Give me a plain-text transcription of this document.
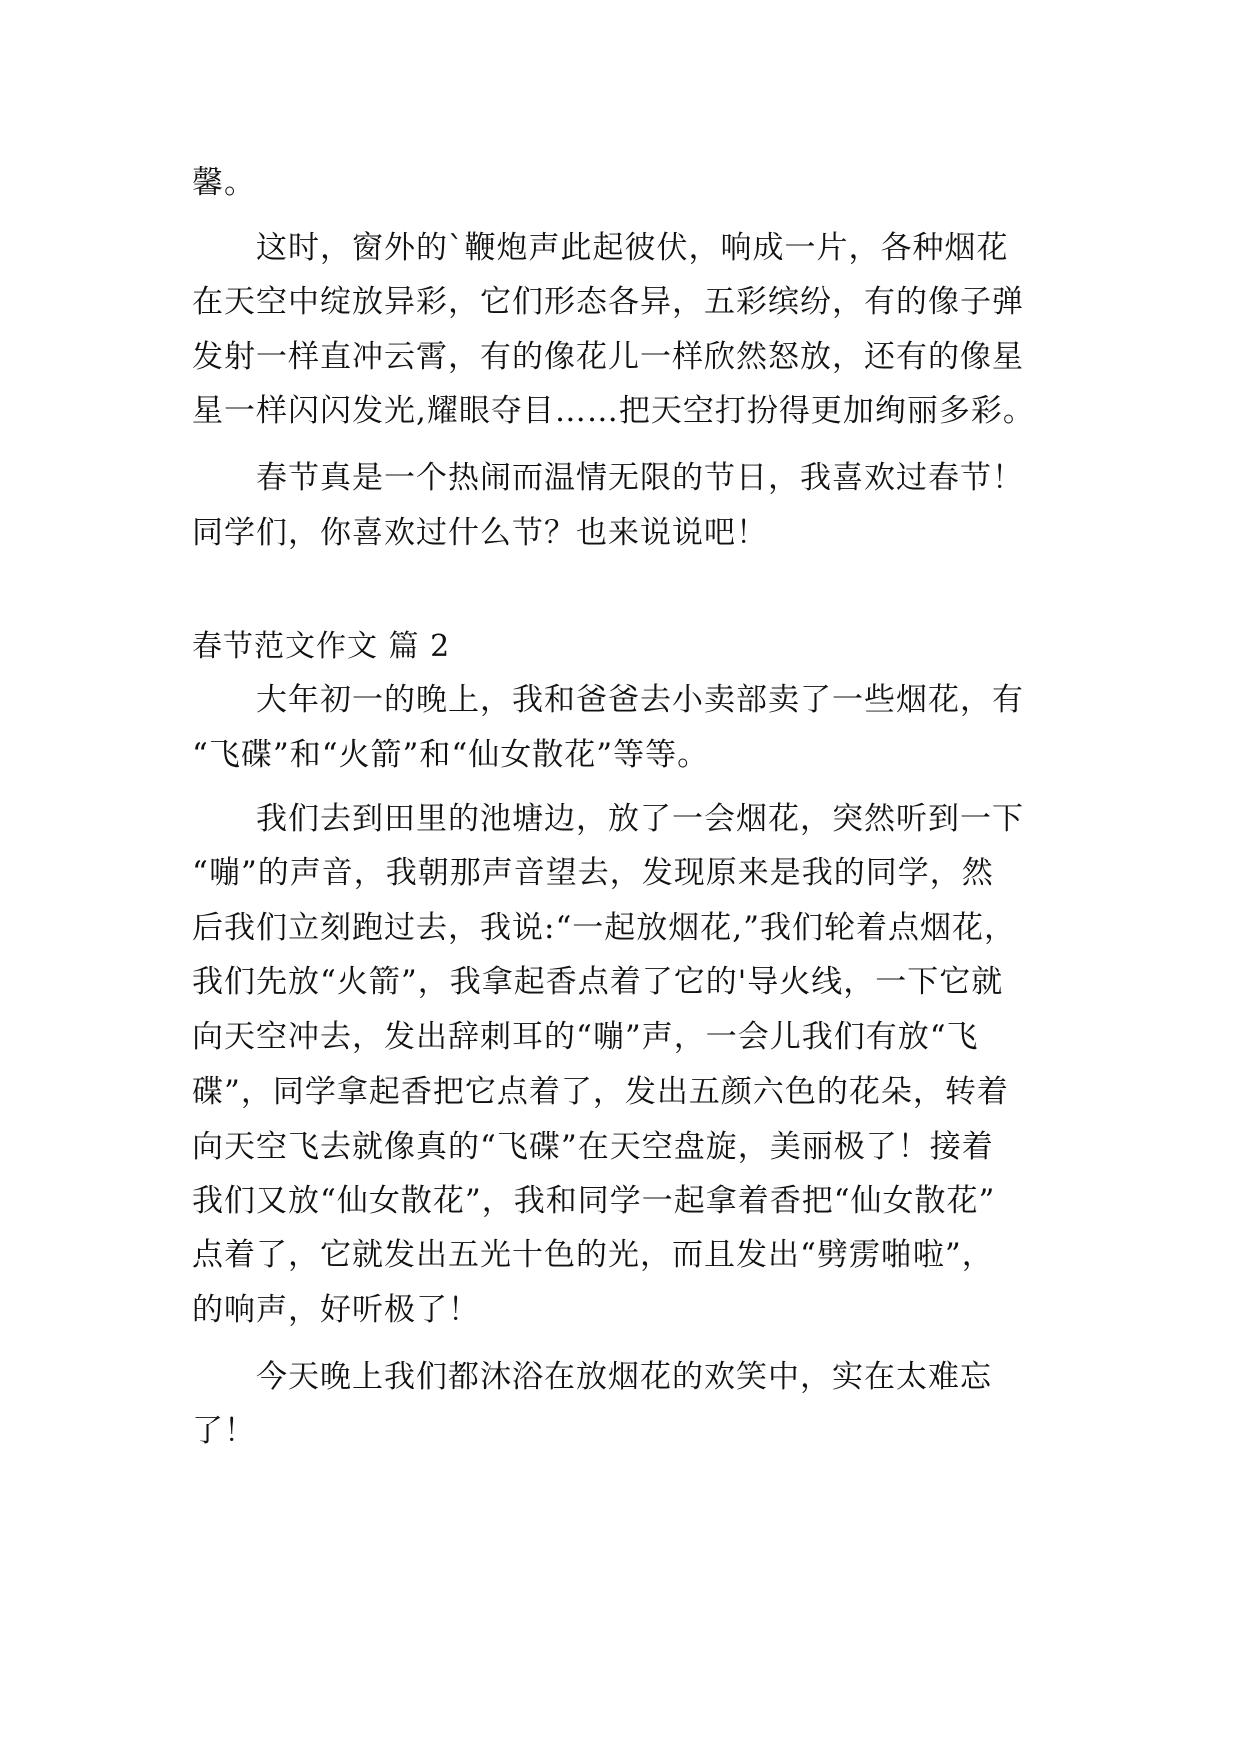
馨。
这时，窗外的`鞭炮声此起彼伏，响成一片，各种烟花
在天空中绽放异彩，它们形态各异，五彩缤纷，有的像子弹
发射一样直冲云霄，有的像花儿一样欣然怒放，还有的像星
星一样闪闪发光,耀眼夺目……把天空打扮得更加绚丽多彩。
春节真是一个热闹而温情无限的节日，我喜欢过春节！
同学们，你喜欢过什么节？也来说说吧！
春节范文作文 篇 2
大年初一的晚上，我和爸爸去小卖部卖了一些烟花，有
“飞碟”和“火箭”和“仙女散花”等等。
我们去到田里的池塘边，放了一会烟花，突然听到一下
“嘣”的声音，我朝那声音望去，发现原来是我的同学，然
后我们立刻跑过去，我说:“一起放烟花,”我们轮着点烟花，
我们先放“火箭”，我拿起香点着了它的'导火线，一下它就
向天空冲去，发出辞刺耳的“嘣”声，一会儿我们有放“飞
碟”，同学拿起香把它点着了，发出五颜六色的花朵，转着
向天空飞去就像真的“飞碟”在天空盘旋，美丽极了！接着
我们又放“仙女散花”，我和同学一起拿着香把“仙女散花”
点着了，它就发出五光十色的光，而且发出“劈雳啪啦”，
的响声，好听极了！
今天晚上我们都沐浴在放烟花的欢笑中，实在太难忘
了！
